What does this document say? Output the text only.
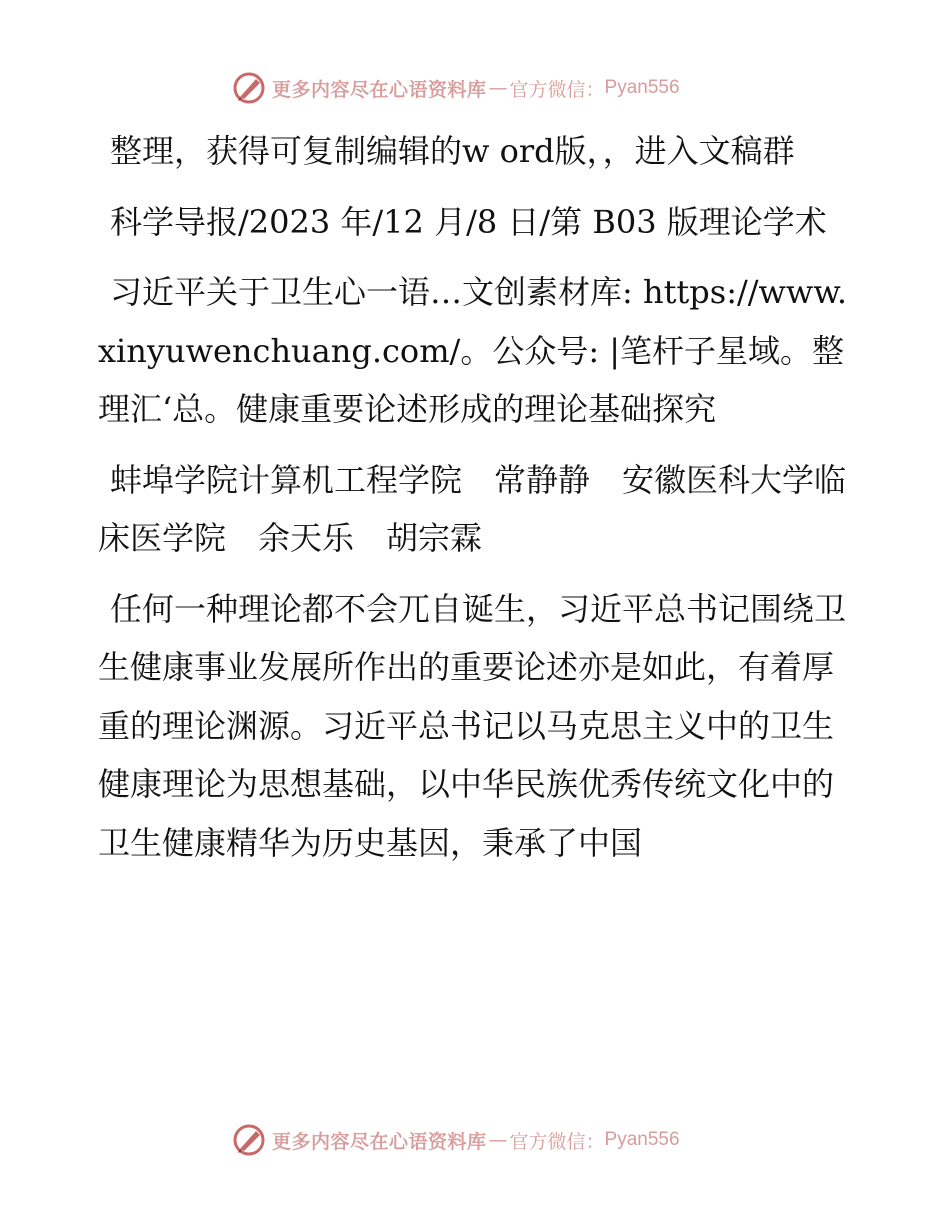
更多内容尽在心语资料库 — 官方微信： Pyan556

整理，获得可复制编辑的w ord版，，进入文稿群

科学导报/2023 年/12 月/8 日/第 B03 版理论学术

习近平关于卫生心一语…文创素材库: https://www.xinyuwenchuang.com/。公众号: |笔杆子星域。整理汇‘总。健康重要论述形成的理论基础探究

蚌埠学院计算机工程学院　常静静　安徽医科大学临床医学院　余天乐　胡宗霖

任何一种理论都不会兀自诞生，习近平总书记围绕卫生健康事业发展所作出的重要论述亦是如此，有着厚重的理论渊源。习近平总书记以马克思主义中的卫生健康理论为思想基础，以中华民族优秀传统文化中的卫生健康精华为历史基因，秉承了中国

更多内容尽在心语资料库 — 官方微信： Pyan556
